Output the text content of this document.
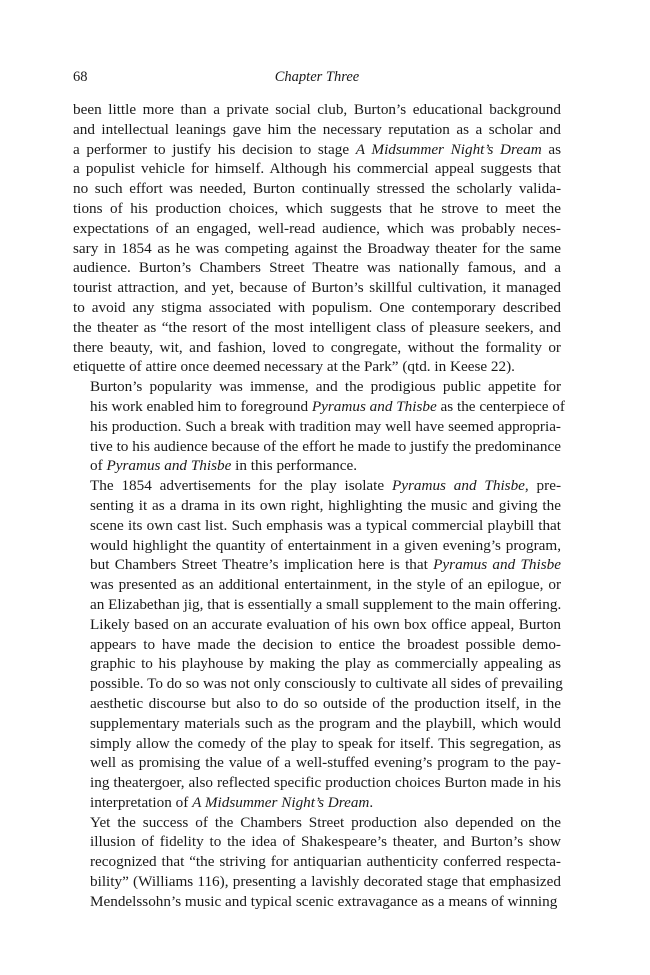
68	Chapter Three

been little more than a private social club, Burton’s educational background
and intellectual leanings gave him the necessary reputation as a scholar and
a performer to justify his decision to stage A Midsummer Night’s Dream as
a populist vehicle for himself. Although his commercial appeal suggests that
no such effort was needed, Burton continually stressed the scholarly valida-
tions of his production choices, which suggests that he strove to meet the
expectations of an engaged, well-read audience, which was probably neces-
sary in 1854 as he was competing against the Broadway theater for the same
audience. Burton’s Chambers Street Theatre was nationally famous, and a
tourist attraction, and yet, because of Burton’s skillful cultivation, it managed
to avoid any stigma associated with populism. One contemporary described
the theater as “the resort of the most intelligent class of pleasure seekers, and
there beauty, wit, and fashion, loved to congregate, without the formality or
etiquette of attire once deemed necessary at the Park” (qtd. in Keese 22).

Burton’s popularity was immense, and the prodigious public appetite for
his work enabled him to foreground Pyramus and Thisbe as the centerpiece of
his production. Such a break with tradition may well have seemed appropria-
tive to his audience because of the effort he made to justify the predominance
of Pyramus and Thisbe in this performance.

The 1854 advertisements for the play isolate Pyramus and Thisbe, pre-
senting it as a drama in its own right, highlighting the music and giving the
scene its own cast list. Such emphasis was a typical commercial playbill that
would highlight the quantity of entertainment in a given evening’s program,
but Chambers Street Theatre’s implication here is that Pyramus and Thisbe
was presented as an additional entertainment, in the style of an epilogue, or
an Elizabethan jig, that is essentially a small supplement to the main offering.
Likely based on an accurate evaluation of his own box office appeal, Burton
appears to have made the decision to entice the broadest possible demo-
graphic to his playhouse by making the play as commercially appealing as
possible. To do so was not only consciously to cultivate all sides of prevailing
aesthetic discourse but also to do so outside of the production itself, in the
supplementary materials such as the program and the playbill, which would
simply allow the comedy of the play to speak for itself. This segregation, as
well as promising the value of a well-stuffed evening’s program to the pay-
ing theatergoer, also reflected specific production choices Burton made in his
interpretation of A Midsummer Night’s Dream.

Yet the success of the Chambers Street production also depended on the
illusion of fidelity to the idea of Shakespeare’s theater, and Burton’s show
recognized that “the striving for antiquarian authenticity conferred respecta-
bility” (Williams 116), presenting a lavishly decorated stage that emphasized
Mendelssohn’s music and typical scenic extravagance as a means of winning
